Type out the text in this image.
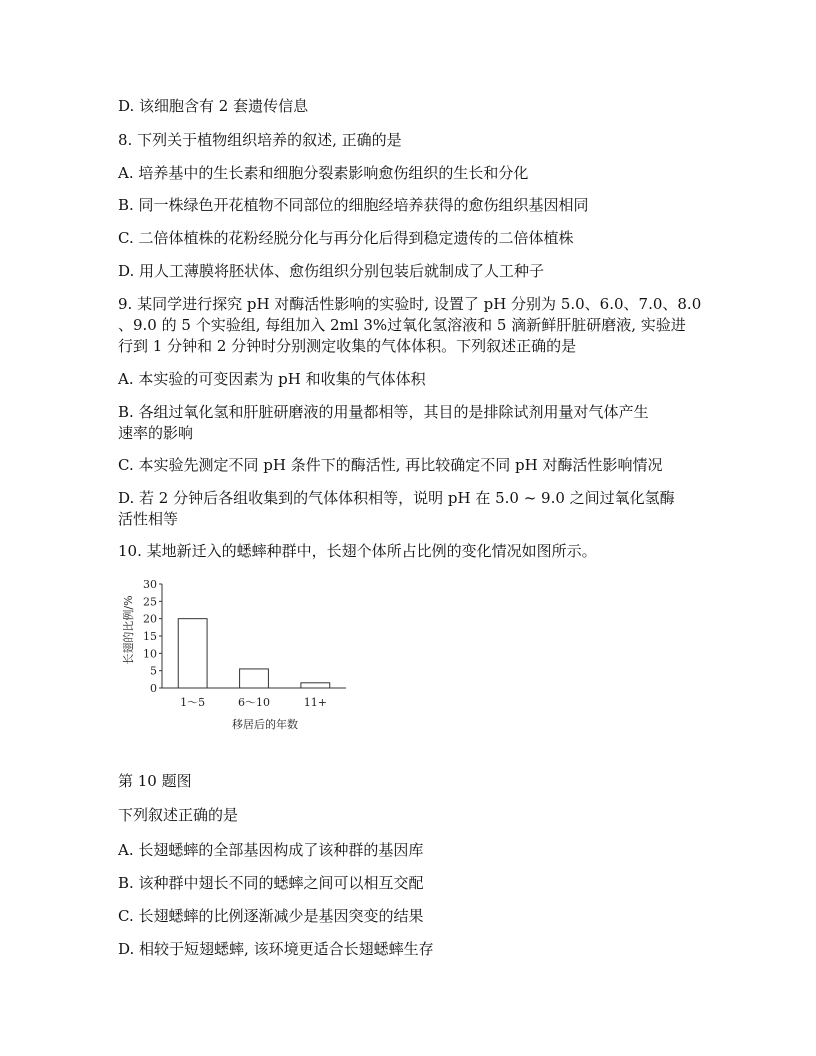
D. 该细胞含有 2 套遗传信息
8. 下列关于植物组织培养的叙述, 正确的是
A. 培养基中的生长素和细胞分裂素影响愈伤组织的生长和分化
B. 同一株绿色开花植物不同部位的细胞经培养获得的愈伤组织基因相同
C. 二倍体植株的花粉经脱分化与再分化后得到稳定遗传的二倍体植株
D. 用人工薄膜将胚状体、愈伤组织分别包装后就制成了人工种子
9. 某同学进行探究 pH 对酶活性影响的实验时, 设置了 pH 分别为 5.0、6.0、7.0、8.0
、9.0 的 5 个实验组, 每组加入 2ml 3%过氧化氢溶液和 5 滴新鲜肝脏研磨液, 实验进
行到 1 分钟和 2 分钟时分别测定收集的气体体积。下列叙述正确的是
A. 本实验的可变因素为 pH 和收集的气体体积
B. 各组过氧化氢和肝脏研磨液的用量都相等，其目的是排除试剂用量对气体产生
速率的影响
C. 本实验先测定不同 pH 条件下的酶活性, 再比较确定不同 pH 对酶活性影响情况
D. 若 2 分钟后各组收集到的气体体积相等，说明 pH 在 5.0 ~ 9.0 之间过氧化氢酶
活性相等
10. 某地新迁入的蟋蟀种群中，长翅个体所占比例的变化情况如图所示。
长翅的比例/%
移居后的年数
0
5
10
15
20
25
30
1～5	6～10	11+
第 10 题图
下列叙述正确的是
A. 长翅蟋蟀的全部基因构成了该种群的基因库
B. 该种群中翅长不同的蟋蟀之间可以相互交配
C. 长翅蟋蟀的比例逐渐减少是基因突变的结果
D. 相较于短翅蟋蟀, 该环境更适合长翅蟋蟀生存
